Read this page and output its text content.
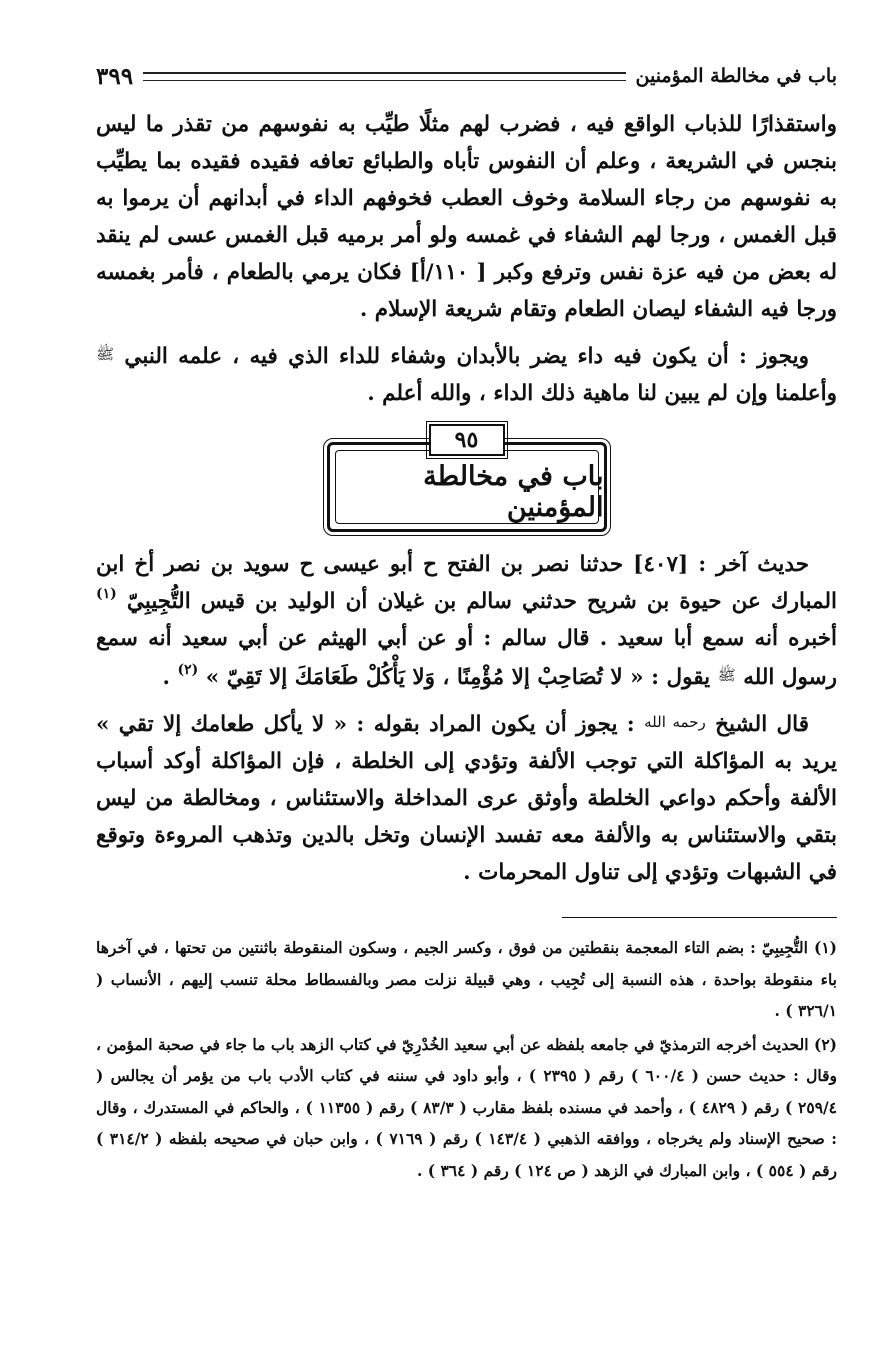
باب في مخالطة المؤمنين
٣٩٩

واستقذارًا للذباب الواقع فيه ، فضرب لهم مثلًا طيِّب به نفوسهم من تقذر ما ليس بنجس في الشريعة ، وعلم أن النفوس تأباه والطبائع تعافه فقيده فقيده بما يطيِّب به نفوسهم من رجاء السلامة وخوف العطب فخوفهم الداء في أبدانهم أن يرموا به قبل الغمس ، ورجا لهم الشفاء في غمسه ولو أمر برميه قبل الغمس عسى لم ينقد له بعض من فيه عزة نفس وترفع وكبر [ ١١٠/أ] فكان يرمي بالطعام ، فأمر بغمسه ورجا فيه الشفاء ليصان الطعام وتقام شريعة الإسلام .

ويجوز : أن يكون فيه داء يضر بالأبدان وشفاء للداء الذي فيه ، علمه النبي ﷺ وأعلمنا وإن لم يبين لنا ماهية ذلك الداء ، والله أعلم .

٩٥
باب في مخالطة المؤمنين

حديث آخر : [٤٠٧] حدثنا نصر بن الفتح ح أبو عيسى ح سويد بن نصر أخ ابن المبارك عن حيوة بن شريح حدثني سالم بن غيلان أن الوليد بن قيس التُّجِيبِيّ $^{(١)}$ أخبره أنه سمع أبا سعيد . قال سالم : أو عن أبي الهيثم عن أبي سعيد أنه سمع رسول الله ﷺ يقول : « لا تُصَاحِبْ إلا مُؤْمِنًا ، وَلا يَأْكُلْ طَعَامَكَ إلا تَقِيّ » $^{(٢)}$ .

قال الشيخ رحمه الله : يجوز أن يكون المراد بقوله : « لا يأكل طعامك إلا تقي » يريد به المؤاكلة التي توجب الألفة وتؤدي إلى الخلطة ، فإن المؤاكلة أوكد أسباب الألفة وأحكم دواعي الخلطة وأوثق عرى المداخلة والاستئناس ، ومخالطة من ليس بتقي والاستئناس به والألفة معه تفسد الإنسان وتخل بالدين وتذهب المروءة وتوقع في الشبهات وتؤدي إلى تناول المحرمات .

(١) التُّجِيبِيّ : بضم التاء المعجمة بنقطتين من فوق ، وكسر الجيم ، وسكون المنقوطة باثنتين من تحتها ، في آخرها باء منقوطة بواحدة ، هذه النسبة إلى تُجِيب ، وهي قبيلة نزلت مصر وبالفسطاط محلة تنسب إليهم ، الأنساب ( ٣٢٦/١ ) .

(٢) الحديث أخرجه الترمذيّ في جامعه بلفظه عن أبي سعيد الخُدْرِيّ في كتاب الزهد باب ما جاء في صحبة المؤمن ، وقال : حديث حسن ( ٦٠٠/٤ ) رقم ( ٢٣٩٥ ) ، وأبو داود في سننه في كتاب الأدب باب من يؤمر أن يجالس ( ٢٥٩/٤ ) رقم ( ٤٨٢٩ ) ، وأحمد في مسنده بلفظ مقارب ( ٨٣/٣ ) رقم ( ١١٣٥٥ ) ، والحاكم في المستدرك ، وقال : صحيح الإسناد ولم يخرجاه ، ووافقه الذهبي ( ١٤٣/٤ ) رقم ( ٧١٦٩ ) ، وابن حبان في صحيحه بلفظه ( ٣١٤/٢ ) رقم ( ٥٥٤ ) ، وابن المبارك في الزهد ( ص ١٢٤ ) رقم ( ٣٦٤ ) .
